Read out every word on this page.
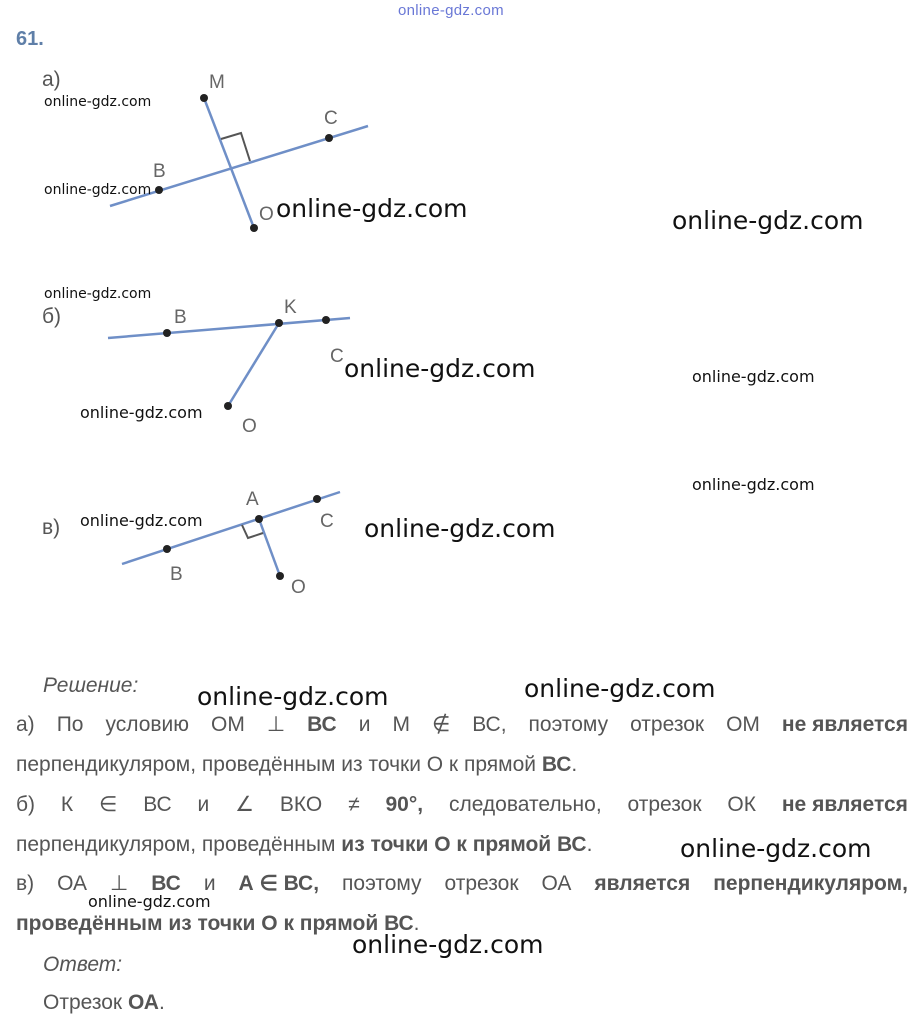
online-gdz.com
61.
а)
б)
в)
M
C
B
O
B	K
C
O
B
A
C
O
online-gdz.com
online-gdz.com
online-gdz.com	online-gdz.com
online-gdz.com
online-gdz.com	online-gdz.com
online-gdz.com
online-gdz.com
online-gdz.com	online-gdz.com
online-gdz.com
online-gdz.com
online-gdz.com
online-gdz.com
online-gdz.com
Решение:
а) По условию ОМ ⊥ ВС и М ∉ ВС, поэтому отрезок ОМ не является
перпендикуляром, проведённым из точки О к прямой ВС.
б) К ∈ ВС и ∠ ВКО ≠ 90°, следовательно, отрезок ОК не является
перпендикуляром, проведённым из точки О к прямой ВС.
в) ОА ⊥ ВС и А ∈ ВС, поэтому отрезок ОА является перпендикуляром,
проведённым из точки О к прямой ВС.
Ответ:
Отрезок ОА.
